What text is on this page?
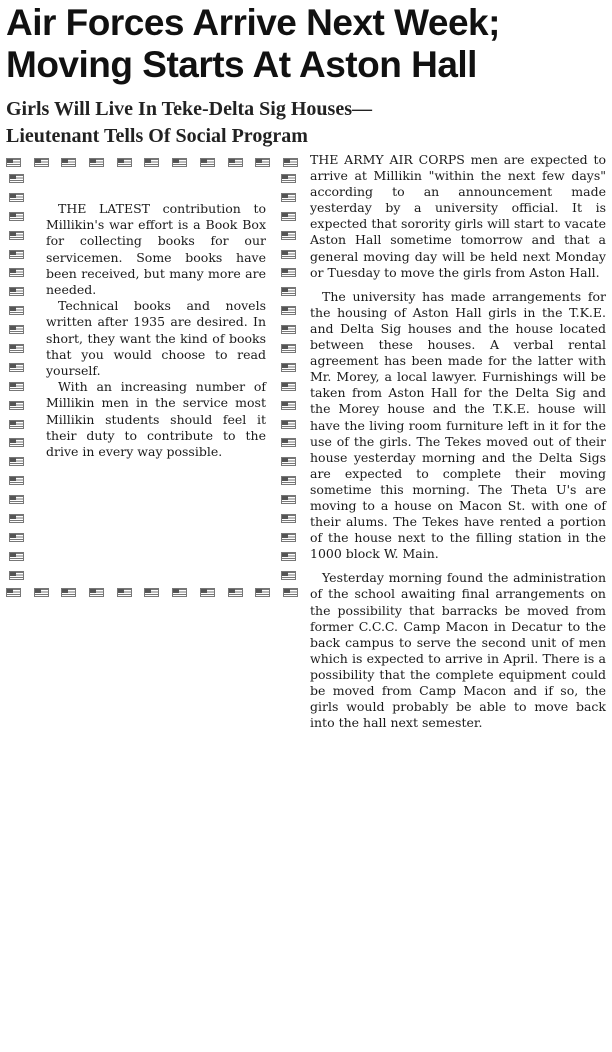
Air Forces Arrive Next Week;
Moving Starts At Aston Hall
Girls Will Live In Teke-Delta Sig Houses—
Lieutenant Tells Of Social Program

THE LATEST contribution to Millikin's war effort is a Book Box for collecting books for our servicemen. Some books have been received, but many more are needed.

Technical books and novels written after 1935 are desired. In short, they want the kind of books that you would choose to read yourself.

With an increasing number of Millikin men in the service most Millikin students should feel it their duty to contribute to the drive in every way possible.

THE ARMY AIR CORPS men are expected to arrive at Millikin "within the next few days" according to an announcement made yesterday by a university official. It is expected that sorority girls will start to vacate Aston Hall sometime tomorrow and that a general moving day will be held next Monday or Tuesday to move the girls from Aston Hall.

The university has made arrangements for the housing of Aston Hall girls in the T.K.E. and Delta Sig houses and the house located between these houses. A verbal rental agreement has been made for the latter with Mr. Morey, a local lawyer. Furnishings will be taken from Aston Hall for the Delta Sig and the Morey house and the T.K.E. house will have the living room furniture left in it for the use of the girls. The Tekes moved out of their house yesterday morning and the Delta Sigs are expected to complete their moving sometime this morning. The Theta U's are moving to a house on Macon St. with one of their alums. The Tekes have rented a portion of the house next to the filling station in the 1000 block W. Main.

Yesterday morning found the administration of the school awaiting final arrangements on the possibility that barracks be moved from former C.C.C. Camp Macon in Decatur to the back campus to serve the second unit of men which is expected to arrive in April. There is a possibility that the complete equipment could be moved from Camp Macon and if so, the girls would probably be able to move back into the hall next semester.
